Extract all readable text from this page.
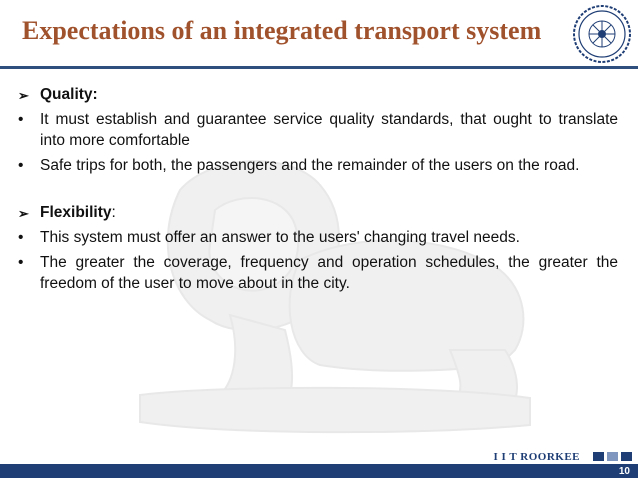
Expectations of an integrated transport system
➢ Quality:
•	It must establish and guarantee service quality standards, that ought to translate into more comfortable
•	Safe trips for both, the passengers and the remainder of the users on the road.
➢ Flexibility:
•	This system must offer an answer to the users' changing travel needs.
•	The greater the coverage, frequency and operation schedules, the greater the freedom of the user to move about in the city.
I I T ROORKEE
10
